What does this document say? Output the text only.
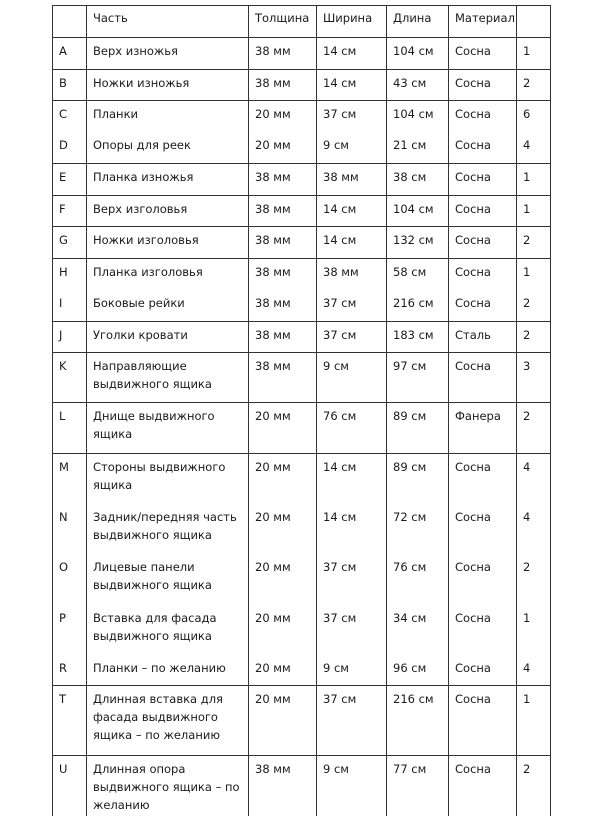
	Часть	Толщина	Ширина	Длина	Материал	
A	Верх изножья	38 мм	14 см	104 см	Сосна	1
B	Ножки изножья	38 мм	14 см	43 см	Сосна	2
C	Планки	20 мм	37 см	104 см	Сосна	6
D	Опоры для реек	20 мм	9 см	21 см	Сосна	4
E	Планка изножья	38 мм	38 мм	38 см	Сосна	1
F	Верх изголовья	38 мм	14 см	104 см	Сосна	1
G	Ножки изголовья	38 мм	14 см	132 см	Сосна	2
H	Планка изголовья	38 мм	38 мм	58 см	Сосна	1
I	Боковые рейки	38 мм	37 см	216 см	Сосна	2
J	Уголки кровати	38 мм	37 см	183 см	Сталь	2
K	Направляющие выдвижного ящика	38 мм	9 см	97 см	Сосна	3
L	Днище выдвижного ящика	20 мм	76 см	89 см	Фанера	2
M	Стороны выдвижного ящика	20 мм	14 см	89 см	Сосна	4
N	Задник/передняя часть выдвижного ящика	20 мм	14 см	72 см	Сосна	4
O	Лицевые панели выдвижного ящика	20 мм	37 см	76 см	Сосна	2
P	Вставка для фасада выдвижного ящика	20 мм	37 см	34 см	Сосна	1
R	Планки – по желанию	20 мм	9 см	96 см	Сосна	4
T	Длинная вставка для фасада выдвижного ящика – по желанию	20 мм	37 см	216 см	Сосна	1
U	Длинная опора выдвижного ящика – по желанию	38 мм	9 см	77 см	Сосна	2
